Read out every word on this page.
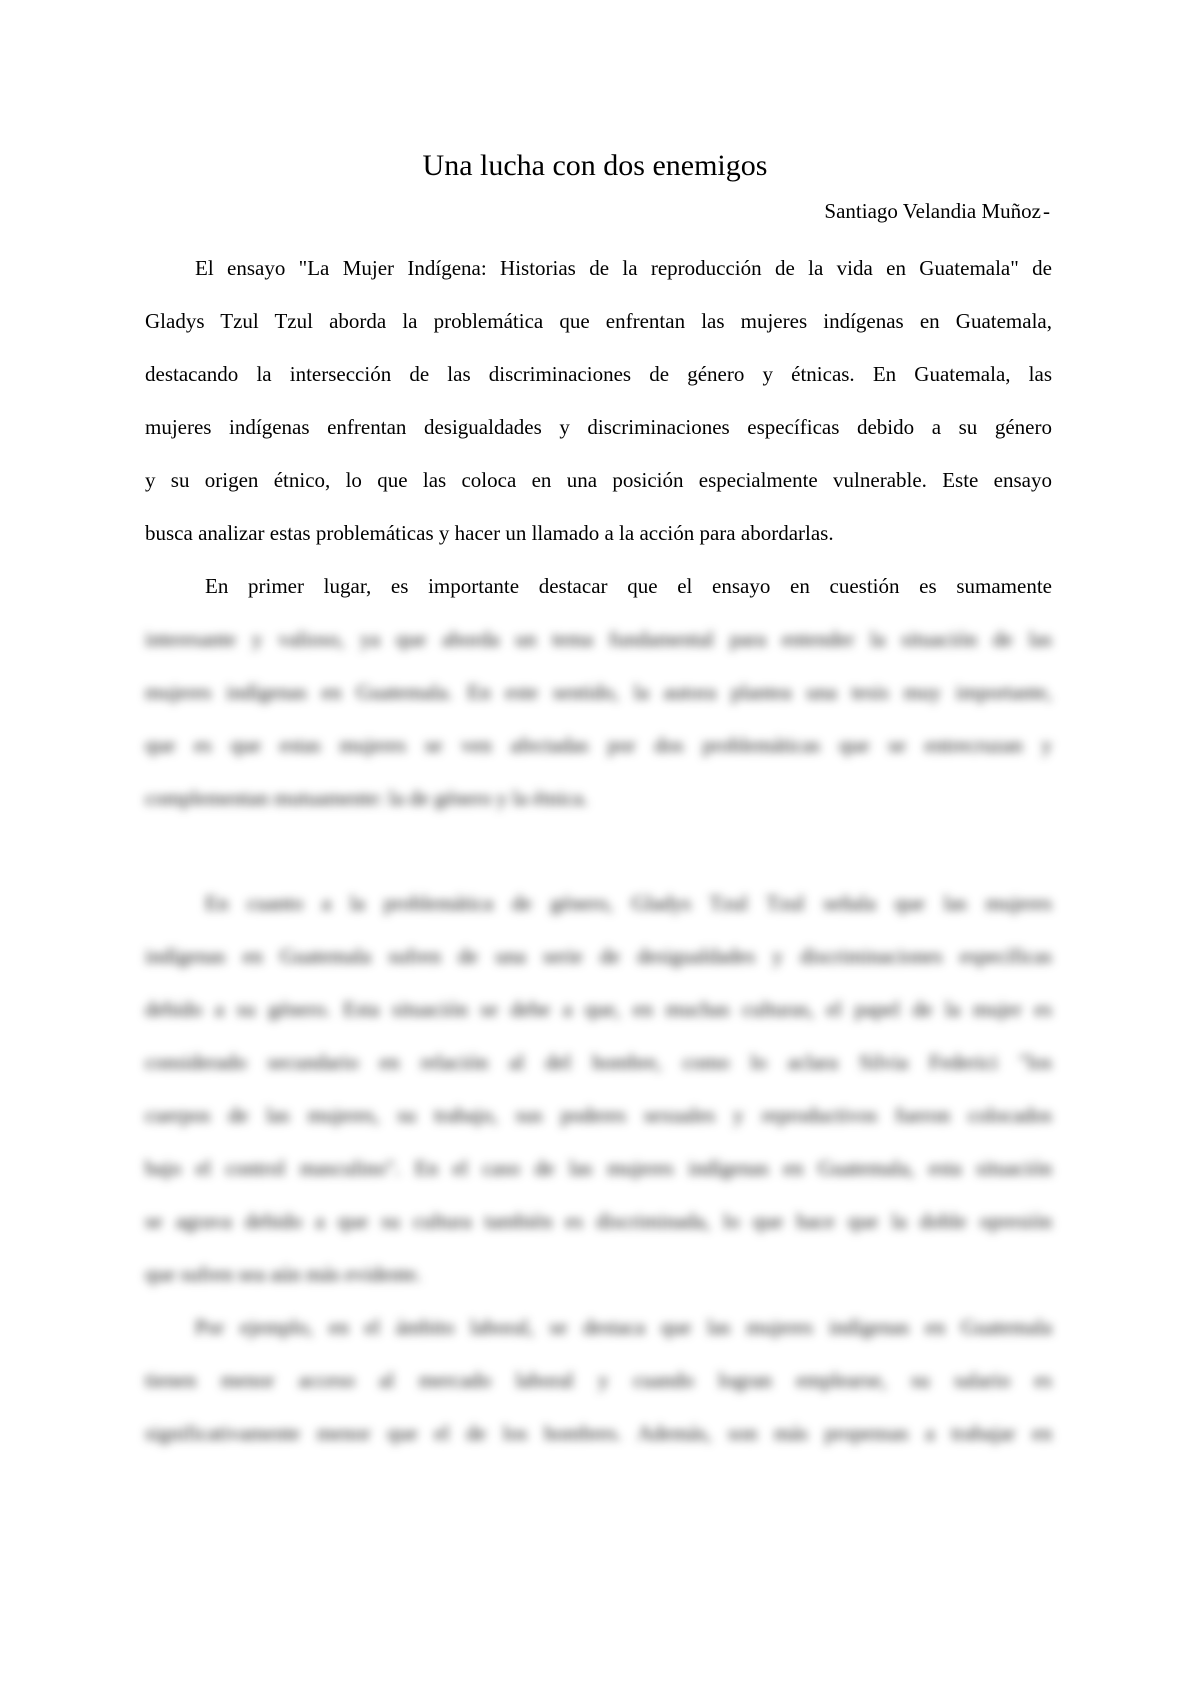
Una lucha con dos enemigos
Santiago Velandia Muñoz-
El ensayo "La Mujer Indígena: Historias de la reproducción de la vida en Guatemala" de
Gladys Tzul Tzul aborda la problemática que enfrentan las mujeres indígenas en Guatemala,
destacando la intersección de las discriminaciones de género y étnicas. En Guatemala, las
mujeres indígenas enfrentan desigualdades y discriminaciones específicas debido a su género
y su origen étnico, lo que las coloca en una posición especialmente vulnerable. Este ensayo
busca analizar estas problemáticas y hacer un llamado a la acción para abordarlas.
En primer lugar, es importante destacar que el ensayo en cuestión es sumamente
interesante y valioso, ya que aborda un tema fundamental para entender la situación de las
mujeres indígenas en Guatemala. En este sentido, la autora plantea una tesis muy importante,
que es que estas mujeres se ven afectadas por dos problemáticas que se entrecruzan y
complementan mutuamente: la de género y la étnica.
En cuanto a la problemática de género, Gladys Tzul Tzul señala que las mujeres
indígenas en Guatemala sufren de una serie de desigualdades y discriminaciones específicas
debido a su género. Esta situación se debe a que, en muchas culturas, el papel de la mujer es
considerado secundario en relación al del hombre, como lo aclara Silvia Federici "los
cuerpos de las mujeres, su trabajo, sus poderes sexuales y reproductivos fueron colocados
bajo el control masculino". En el caso de las mujeres indígenas en Guatemala, esta situación
se agrava debido a que su cultura también es discriminada, lo que hace que la doble opresión
que sufren sea aún más evidente.
Por ejemplo, en el ámbito laboral, se destaca que las mujeres indígenas en Guatemala
tienen menor acceso al mercado laboral y cuando logran emplearse, su salario es
significativamente menor que el de los hombres. Además, son más propensas a trabajar en
